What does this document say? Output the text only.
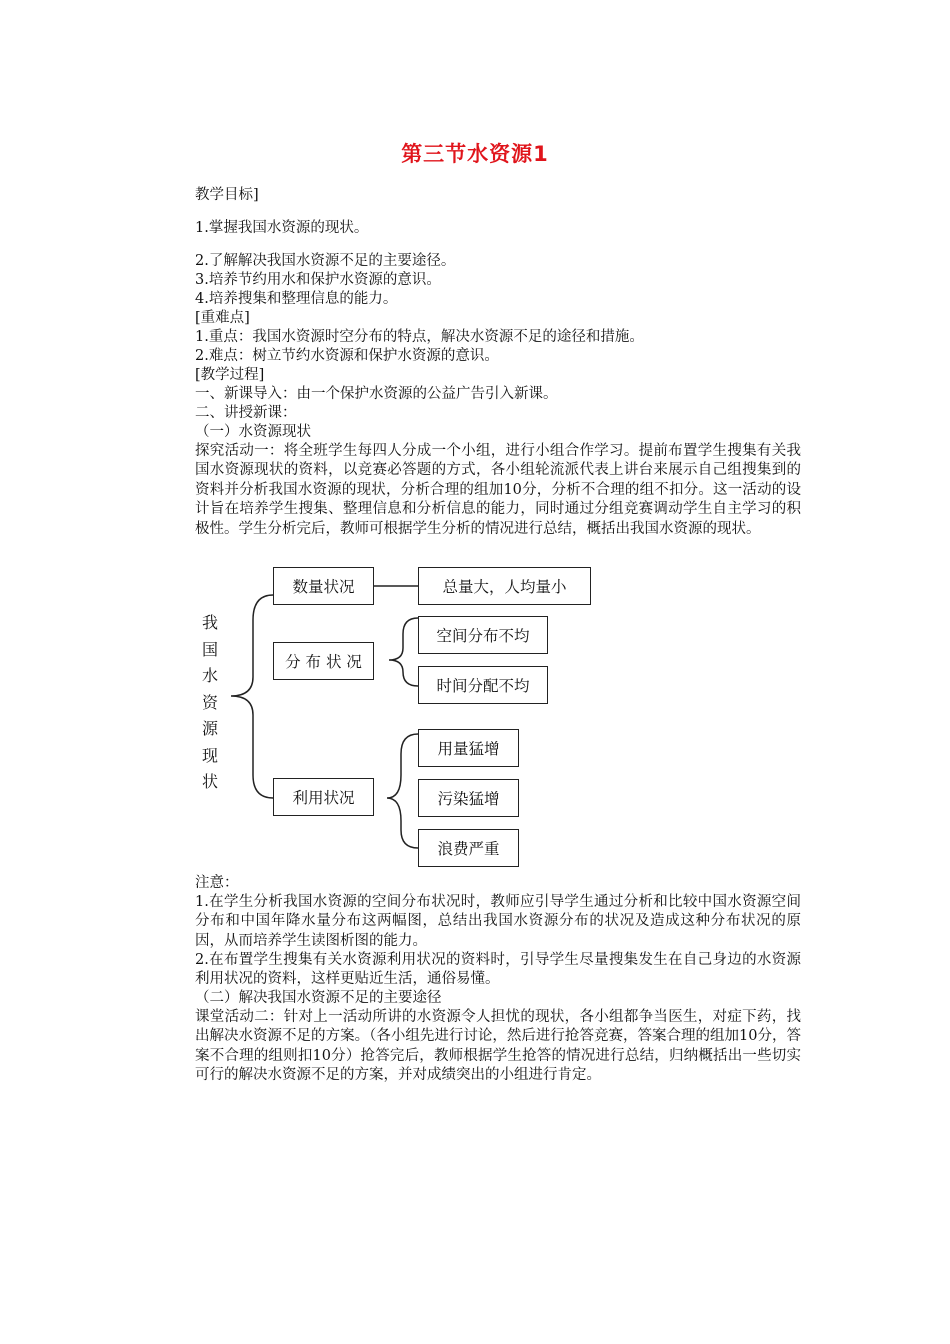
第三节水资源1
教学目标]
1.掌握我国水资源的现状。
2.了解解决我国水资源不足的主要途径。
3.培养节约用水和保护水资源的意识。
4.培养搜集和整理信息的能力。
[重难点]
1.重点：我国水资源时空分布的特点，解决水资源不足的途径和措施。
2.难点：树立节约水资源和保护水资源的意识。
[教学过程]
一、新课导入：由一个保护水资源的公益广告引入新课。
二、讲授新课：
（一）水资源现状
探究活动一：将全班学生每四人分成一个小组，进行小组合作学习。提前布置学生搜集有关我国水资源现状的资料，以竞赛必答题的方式，各小组轮流派代表上讲台来展示自己组搜集到的资料并分析我国水资源的现状，分析合理的组加10分，分析不合理的组不扣分。这一活动的设计旨在培养学生搜集、整理信息和分析信息的能力，同时通过分组竞赛调动学生自主学习的积极性。学生分析完后，教师可根据学生分析的情况进行总结，概括出我国水资源的现状。
我
国
水
资
源
现
状
数量状况	总量大，人均量小
分 布 状 况
空间分布不均
时间分配不均
利用状况
用量猛增
污染猛增
浪费严重
注意：
1.在学生分析我国水资源的空间分布状况时，教师应引导学生通过分析和比较中国水资源空间分布和中国年降水量分布这两幅图，总结出我国水资源分布的状况及造成这种分布状况的原因，从而培养学生读图析图的能力。
2.在布置学生搜集有关水资源利用状况的资料时，引导学生尽量搜集发生在自己身边的水资源利用状况的资料，这样更贴近生活，通俗易懂。
（二）解决我国水资源不足的主要途径
课堂活动二：针对上一活动所讲的水资源令人担忧的现状，各小组都争当医生，对症下药，找出解决水资源不足的方案。（各小组先进行讨论，然后进行抢答竞赛，答案合理的组加10分，答案不合理的组则扣10分）抢答完后，教师根据学生抢答的情况进行总结，归纳概括出一些切实可行的解决水资源不足的方案，并对成绩突出的小组进行肯定。
